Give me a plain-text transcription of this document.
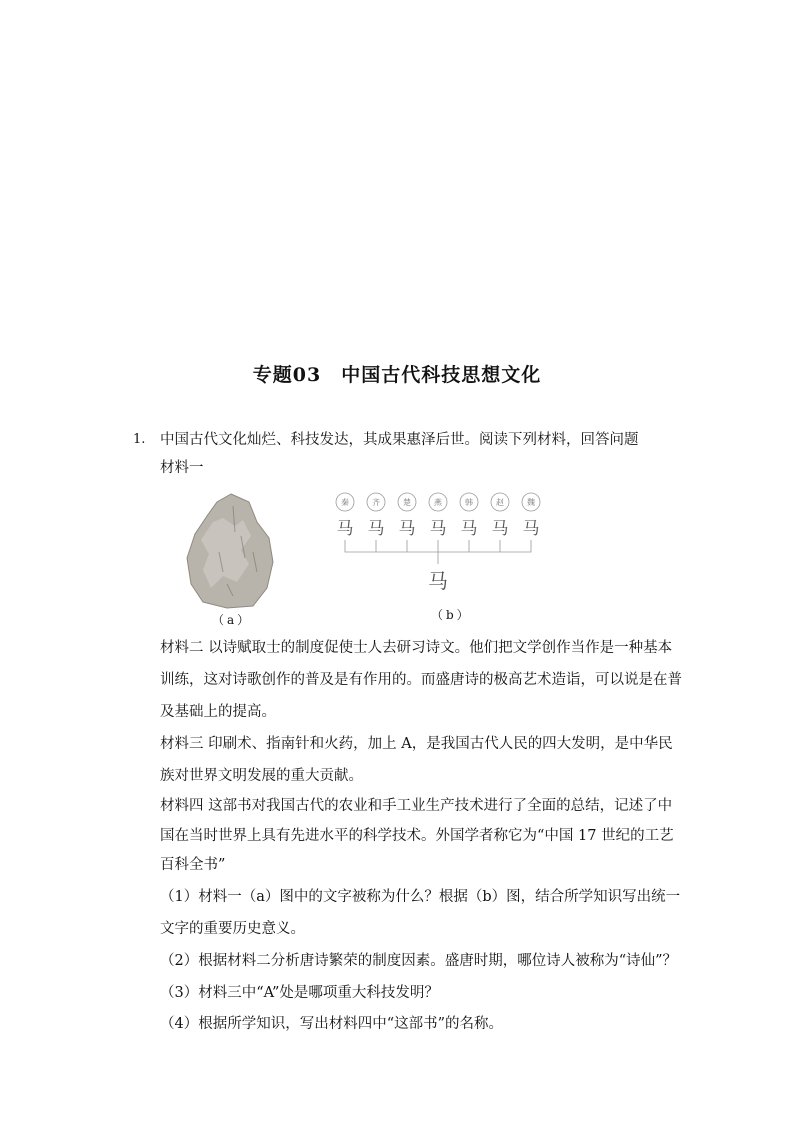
专题03　中国古代科技思想文化
1. 中国古代文化灿烂、科技发达，其成果惠泽后世。阅读下列材料，回答问题
材料一
（a）
秦	齐	楚	燕	韩	赵	魏
马 马 马 马 马 马 马
马
（b）
材料二 以诗赋取士的制度促使士人去研习诗文。他们把文学创作当作是一种基本
训练，这对诗歌创作的普及是有作用的。而盛唐诗的极高艺术造诣，可以说是在普
及基础上的提高。
材料三 印刷术、指南针和火药，加上 A，是我国古代人民的四大发明，是中华民
族对世界文明发展的重大贡献。
材料四 这部书对我国古代的农业和手工业生产技术进行了全面的总结，记述了中
国在当时世界上具有先进水平的科学技术。外国学者称它为“中国 17 世纪的工艺
百科全书”
（1）材料一（a）图中的文字被称为什么？根据（b）图，结合所学知识写出统一
文字的重要历史意义。
（2）根据材料二分析唐诗繁荣的制度因素。盛唐时期，哪位诗人被称为“诗仙”？
（3）材料三中“A”处是哪项重大科技发明？
（4）根据所学知识，写出材料四中“这部书”的名称。
